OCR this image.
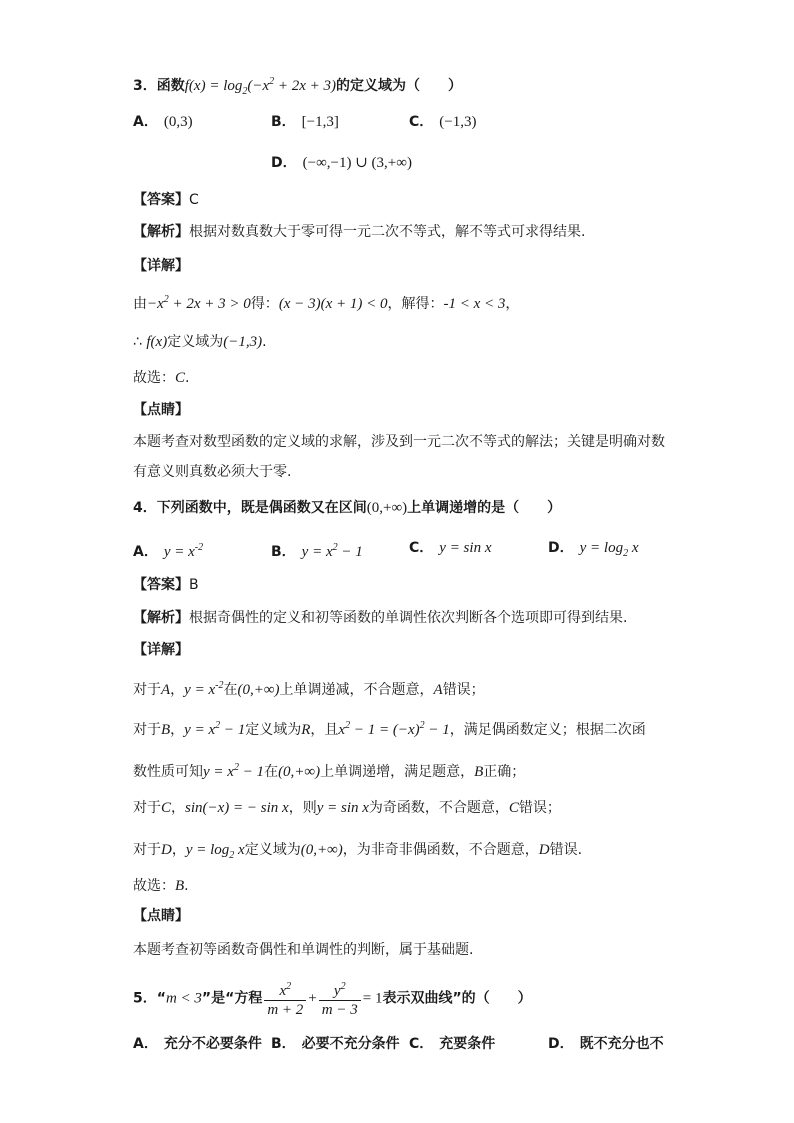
3．函数$f(x) = \log_2(-x^2 + 2x + 3)$的定义域为（　　）
A． (0,3)	B． [−1,3]	C． (−1,3)
D． (−∞,−1) ∪ (3,+∞)
【答案】C
【解析】根据对数真数大于零可得一元二次不等式，解不等式可求得结果.
【详解】
由$-x^2 + 2x + 3 > 0$得：(x − 3)(x + 1) < 0，解得：-1 < x < 3，
∴ f(x)定义域为(−1,3).
故选：C.
【点睛】
本题考查对数型函数的定义域的求解，涉及到一元二次不等式的解法；关键是明确对数
有意义则真数必须大于零.
4．下列函数中，既是偶函数又在区间(0,+∞)上单调递增的是（　　）
A． $y = x^{-2}$	B． $y = x^2 - 1$	C． y = sin x	D． $y = \log_2 x$
【答案】B
【解析】根据奇偶性的定义和初等函数的单调性依次判断各个选项即可得到结果.
【详解】
对于A，$y = x^{-2}$在(0,+∞)上单调递减，不合题意，A错误；
对于B，$y = x^2 - 1$定义域为R，且$x^2 - 1 = (-x)^2 - 1$，满足偶函数定义；根据二次函
数性质可知$y = x^2 - 1$在(0,+∞)上单调递增，满足题意，B正确；
对于C，sin(−x) = − sin x，则y = sin x为奇函数，不合题意，C错误；
对于D，$y = \log_2 x$定义域为(0,+∞)，为非奇非偶函数，不合题意，D错误.
故选：B.
【点睛】
本题考查初等函数奇偶性和单调性的判断，属于基础题.
5．“m < 3”是“方程 $\frac{x^2}{m + 2} + \frac{y^2}{m - 3} = 1$表示双曲线”的（　　）
A． 充分不必要条件 B． 必要不充分条件 C． 充要条件	D． 既不充分也不
